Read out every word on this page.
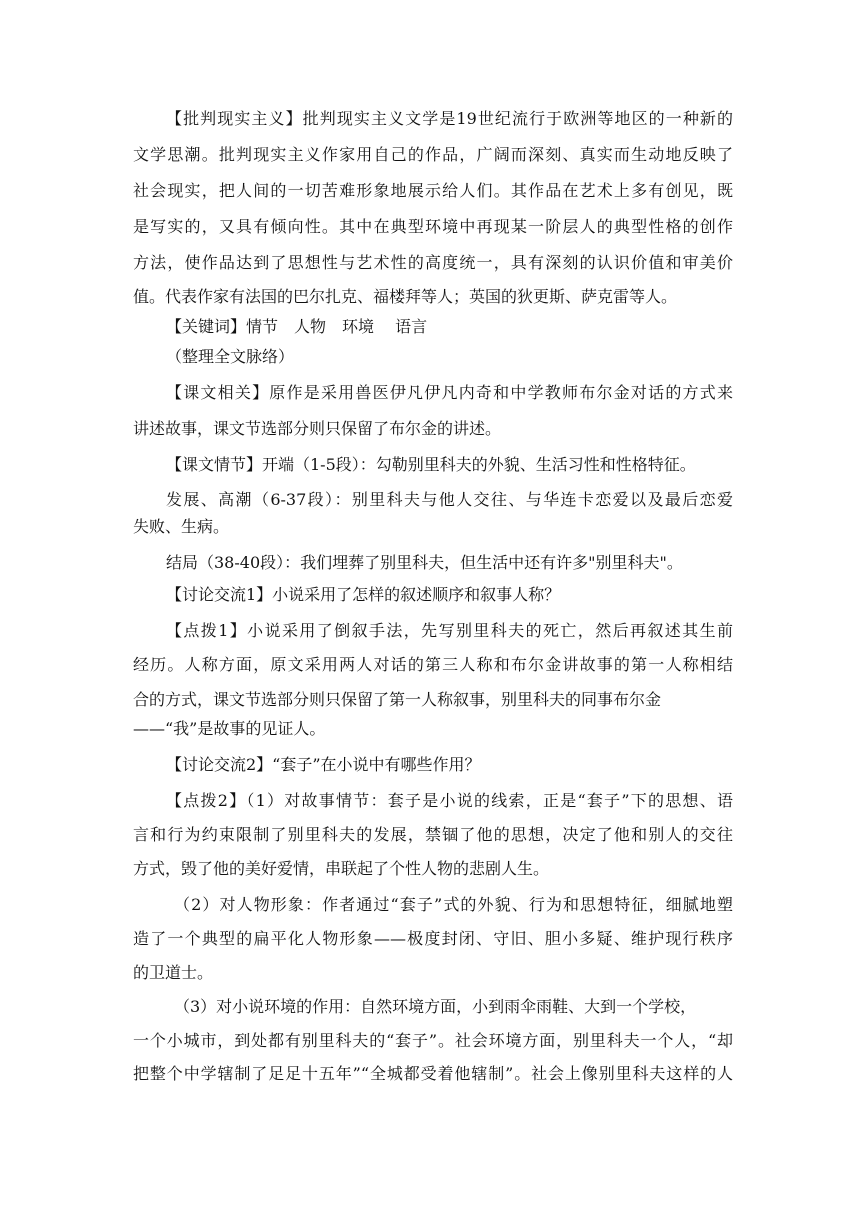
【批判现实主义】批判现实主义文学是19世纪流行于欧洲等地区的一种新的
文学思潮。批判现实主义作家用自己的作品，广阔而深刻、真实而生动地反映了
社会现实，把人间的一切苦难形象地展示给人们。其作品在艺术上多有创见，既
是写实的，又具有倾向性。其中在典型环境中再现某一阶层人的典型性格的创作
方法，使作品达到了思想性与艺术性的高度统一，具有深刻的认识价值和审美价
值。代表作家有法国的巴尔扎克、福楼拜等人；英国的狄更斯、萨克雷等人。
【关键词】情节　人物　环境　 语言
（整理全文脉络）
【课文相关】原作是采用兽医伊凡伊凡内奇和中学教师布尔金对话的方式来
讲述故事，课文节选部分则只保留了布尔金的讲述。
【课文情节】开端（1-5段）：勾勒别里科夫的外貌、生活习性和性格特征。
发展、高潮（6-37段）：别里科夫与他人交往、与华连卡恋爱以及最后恋爱
失败、生病。
结局（38-40段）：我们埋葬了别里科夫，但生活中还有许多"别里科夫"。
【讨论交流1】小说采用了怎样的叙述顺序和叙事人称？
【点拨1】小说采用了倒叙手法，先写别里科夫的死亡，然后再叙述其生前
经历。人称方面，原文采用两人对话的第三人称和布尔金讲故事的第一人称相结
合的方式，课文节选部分则只保留了第一人称叙事，别里科夫的同事布尔金
——“我”是故事的见证人。
【讨论交流2】“套子”在小说中有哪些作用？
【点拨2】（1）对故事情节：套子是小说的线索，正是“套子”下的思想、语
言和行为约束限制了别里科夫的发展，禁锢了他的思想，决定了他和别人的交往
方式，毁了他的美好爱情，串联起了个性人物的悲剧人生。
（2）对人物形象：作者通过“套子”式的外貌、行为和思想特征，细腻地塑
造了一个典型的扁平化人物形象——极度封闭、守旧、胆小多疑、维护现行秩序
的卫道士。
（3）对小说环境的作用：自然环境方面，小到雨伞雨鞋、大到一个学校，
一个小城市，到处都有别里科夫的“套子”。社会环境方面，别里科夫一个人，“却
把整个中学辖制了足足十五年”“全城都受着他辖制”。社会上像别里科夫这样的人
